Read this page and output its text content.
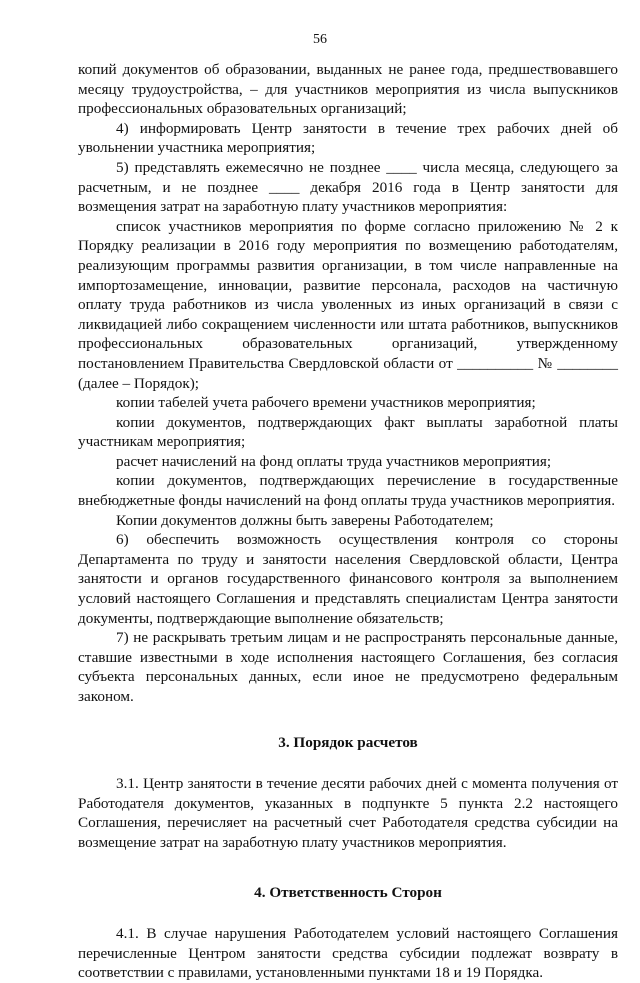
56

копий документов об образовании, выданных не ранее года, предшествовавшего месяцу трудоустройства, – для участников мероприятия из числа выпускников профессиональных образовательных организаций;

4) информировать Центр занятости в течение трех рабочих дней об увольнении участника мероприятия;

5) представлять ежемесячно не позднее ____ числа месяца, следующего за расчетным, и не позднее ____ декабря 2016 года в Центр занятости для возмещения затрат на заработную плату участников мероприятия:

список участников мероприятия по форме согласно приложению № 2 к Порядку реализации в 2016 году мероприятия по возмещению работодателям, реализующим программы развития организации, в том числе направленные на импортозамещение, инновации, развитие персонала, расходов на частичную оплату труда работников из числа уволенных из иных организаций в связи с ликвидацией либо сокращением численности или штата работников, выпускников профессиональных образовательных организаций, утвержденному постановлением Правительства Свердловской области от __________ № ________ (далее – Порядок);

копии табелей учета рабочего времени участников мероприятия;

копии документов, подтверждающих факт выплаты заработной платы участникам мероприятия;

расчет начислений на фонд оплаты труда участников мероприятия;

копии документов, подтверждающих перечисление в государственные внебюджетные фонды начислений на фонд оплаты труда участников мероприятия.

Копии документов должны быть заверены Работодателем;

6) обеспечить возможность осуществления контроля со стороны Департамента по труду и занятости населения Свердловской области, Центра занятости и органов государственного финансового контроля за выполнением условий настоящего Соглашения и представлять специалистам Центра занятости документы, подтверждающие выполнение обязательств;

7) не раскрывать третьим лицам и не распространять персональные данные, ставшие известными в ходе исполнения настоящего Соглашения, без согласия субъекта персональных данных, если иное не предусмотрено федеральным законом.

3. Порядок расчетов

3.1. Центр занятости в течение десяти рабочих дней с момента получения от Работодателя документов, указанных в подпункте 5 пункта 2.2 настоящего Соглашения, перечисляет на расчетный счет Работодателя средства субсидии на возмещение затрат на заработную плату участников мероприятия.

4. Ответственность Сторон

4.1. В случае нарушения Работодателем условий настоящего Соглашения перечисленные Центром занятости средства субсидии подлежат возврату в соответствии с правилами, установленными пунктами 18 и 19 Порядка.
